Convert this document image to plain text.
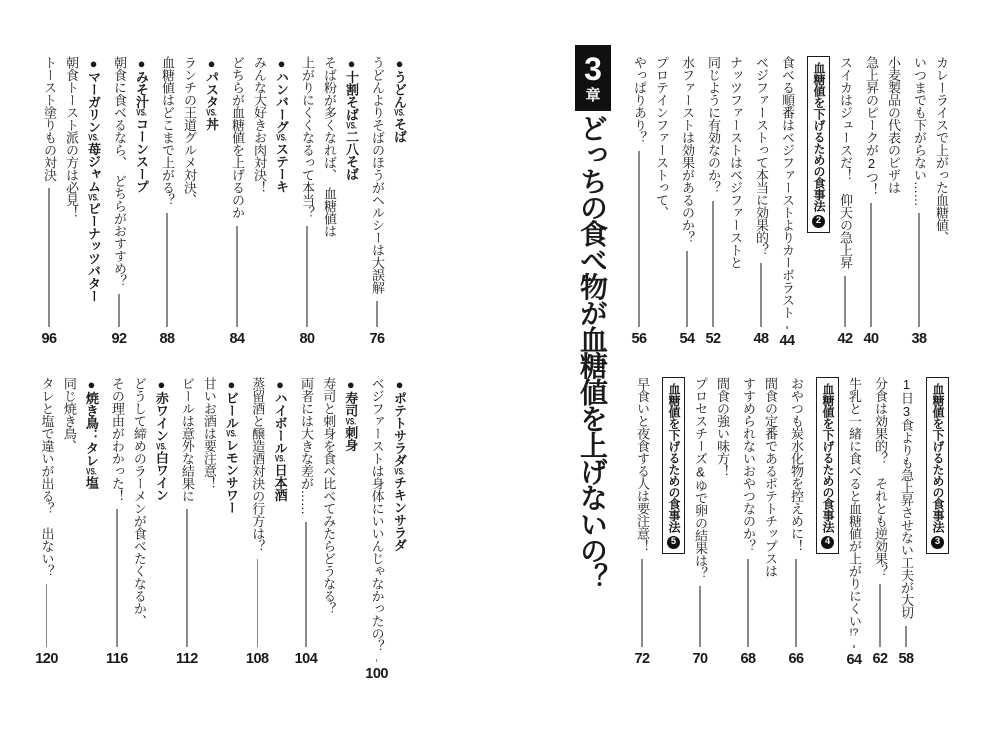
3
章
どっちの食べ物が血糖値を上げないの？	カレーライスで上がった血糖値、
いつまでも下がらない……
38
小麦製品の代表のピザは
急上昇のピークが2つ！
40
スイカはジュースだ！　仰天の急上昇
42
血糖値を下げるための食事法
2
食べる順番はベジファーストよりカーボラスト
44
ベジファーストって本当に効果的？
48
ナッツファーストはベジファーストと
同じように有効なのか？
52
水ファーストは効果があるのか？
54
プロテインファーストって、
やっぱりあり？
56
血糖値を下げるための食事法
3
1日3食よりも急上昇させない工夫が大切
58
分食は効果的？　それとも逆効果？
62
牛乳と一緒に食べると血糖値が上がりにくい!?
64
血糖値を下げるための食事法
4
おやつも炭水化物を控えめに！
66
間食の定番であるポテトチップスは
すすめられないおやつなのか？
68
間食の強い味方！
プロセスチーズ&ゆで卵の結果は？
70
血糖値を下げるための食事法
5
早食いと夜食する人は要注意！
72
●うどんVS.そば
うどんよりそばのほうがヘルシーは大誤解
76
●十割そばVS.二八そば
そば粉が多くなれば、　血糖値は
上がりにくくなるって本当？
80
●ハンバーグVS.ステーキ
みんな大好きお肉対決！
どちらが血糖値を上げるのか
84
●パスタVS.丼
ランチの王道グルメ対決、
血糖値はどこまで上がる？
88
●みそ汁VS.コーンスープ
朝食に食べるなら、　どちらがおすすめ？
92
●マーガリンVS.苺ジャムVS.ピーナッツバター
朝食トースト派の方は必見！
トースト塗りもの対決
96
●ポテトサラダVS.チキンサラダ
ベジファーストは身体にいいんじゃなかったの？
100
●寿司VS.刺身
寿司と刺身を食べ比べてみたらどうなる？
両者には大きな差が……
104
●ハイボールVS.日本酒
蒸留酒と醸造酒対決の行方は？
108
●ビールVS.レモンサワー
甘いお酒は要注意！
ビールは意外な結果に
112
●赤ワインVS.白ワイン
どうして締めのラーメンが食べたくなるか、
その理由がわかった！
116
●焼き鳥：タレVS.塩
同じ焼き鳥、
タレと塩で違いが出る？　出ない？
120
